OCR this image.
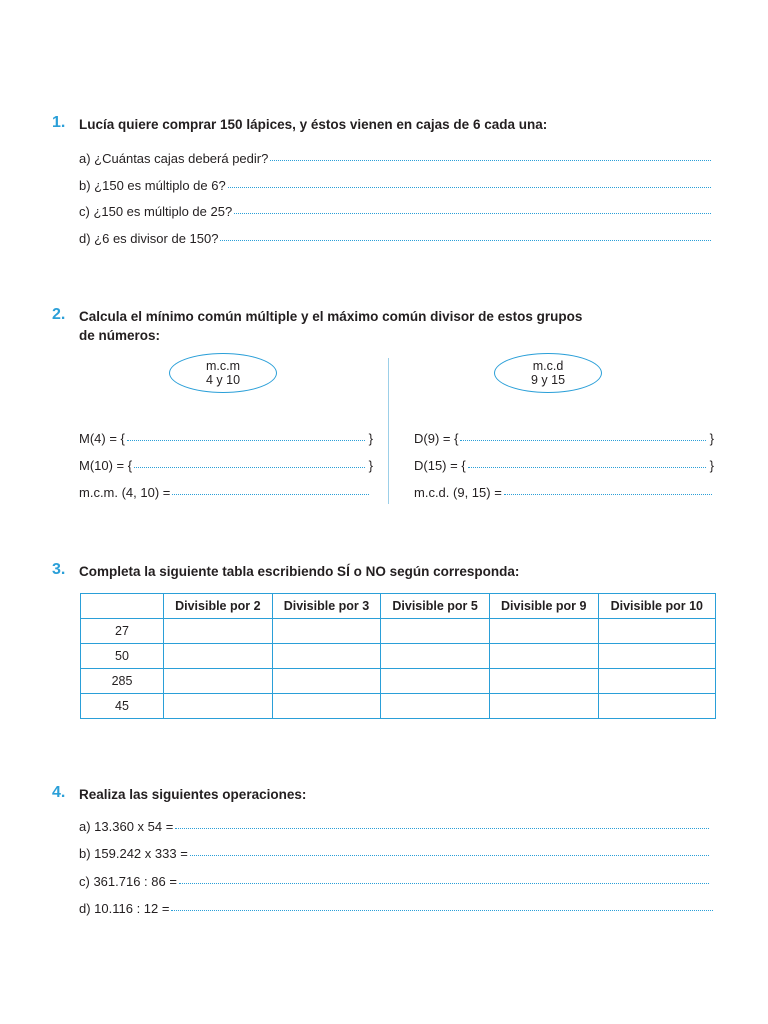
1. Lucía quiere comprar 150 lápices, y éstos vienen en cajas de 6 cada una:
a) ¿Cuántas cajas deberá pedir?
b) ¿150 es múltiplo de 6?
c) ¿150 es múltiplo de 25?
d) ¿6 es divisor de 150?
2. Calcula el mínimo común múltiple y el máximo común divisor de estos grupos
de números:
m.c.m
4 y 10
m.c.d
9 y 15
M(4) = {	}
M(10) = {	}
m.c.m. (4, 10) =
D(9) = {	}
D(15) = {	}
m.c.d. (9, 15) =
3. Completa la siguiente tabla escribiendo SÍ o NO según corresponda:
	Divisible por 2	Divisible por 3	Divisible por 5	Divisible por 9	Divisible por 10
27					
50					
285					
45					
4. Realiza las siguientes operaciones:
a) 13.360 x 54 =
b) 159.242 x 333 =
c) 361.716 : 86 =
d) 10.116 : 12 =
